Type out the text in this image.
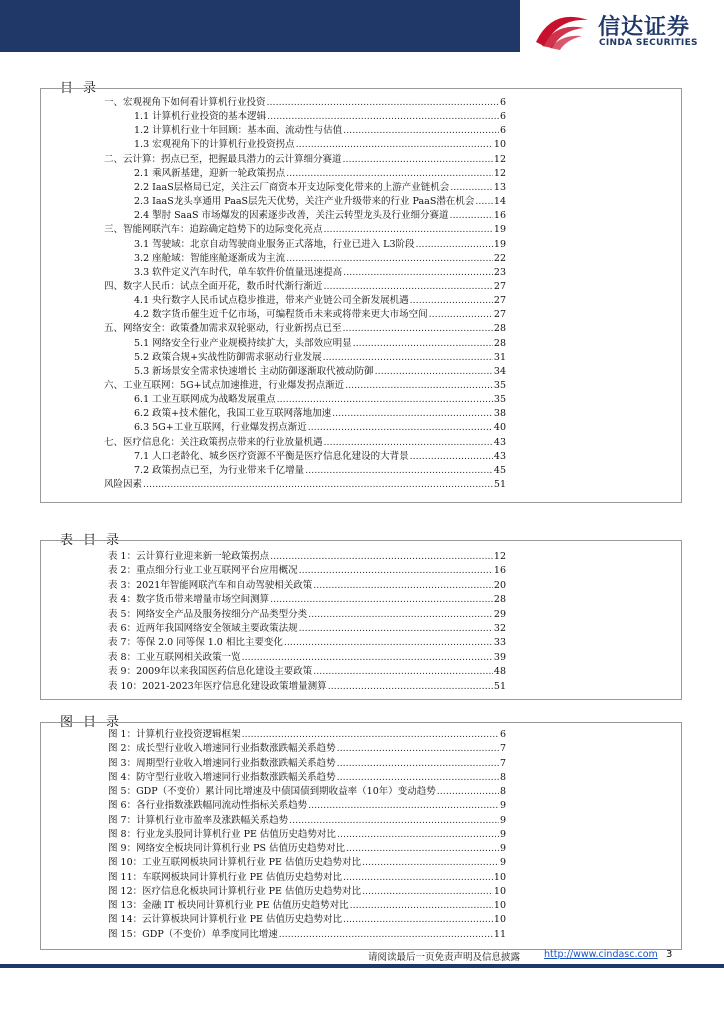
信达证券
CINDA SECURITIES
目录
一、宏观视角下如何看计算机行业投资 .....	6
1.1 计算机行业投资的基本逻辑 .....	6
1.2 计算机行业十年回顾：基本面、流动性与估值 .....	6
1.3 宏观视角下的计算机行业投资拐点 .....	10
二、云计算：拐点已至，把握最具潜力的云计算细分赛道 .....	12
2.1 乘风新基建，迎新一轮政策拐点 .....	12
2.2 IaaS层格局已定，关注云厂商资本开支边际变化带来的上游产业链机会 .....	13
2.3 IaaS龙头享通用 PaaS层先天优势，关注产业升级带来的行业 PaaS潜在机会 ..... 14
2.4 掣肘 SaaS 市场爆发的因素逐步改善，关注云转型龙头及行业细分赛道 .....	16
三、智能网联汽车：追踪确定趋势下的边际变化亮点 .....	19
3.1 驾驶域：北京自动驾驶商业服务正式落地，行业已进入 L3阶段 .....	19
3.2 座舱域：智能座舱逐渐成为主流 .....	22
3.3 软件定义汽车时代，单车软件价值量迅速提高 .....	23
四、数字人民币：试点全面开花，数币时代渐行渐近 .....	27
4.1 央行数字人民币试点稳步推进，带来产业链公司全新发展机遇 .....	27
4.2 数字货币催生近千亿市场，可编程货币未来或将带来更大市场空间 .....	27
五、网络安全：政策叠加需求双轮驱动，行业新拐点已至 .....	28
5.1 网络安全行业产业规模持续扩大，头部效应明显 .....	28
5.2 政策合规+实战性防御需求驱动行业发展 .....	31
5.3 新场景安全需求快速增长 主动防御逐渐取代被动防御 .....	34
六、工业互联网：5G+试点加速推进，行业爆发拐点渐近 .....	35
6.1 工业互联网成为战略发展重点 .....	35
6.2 政策+技术催化，我国工业互联网落地加速 .....	38
6.3 5G+工业互联网，行业爆发拐点渐近 .....	40
七、医疗信息化：关注政策拐点带来的行业放量机遇 .....	43
7.1 人口老龄化、城乡医疗资源不平衡是医疗信息化建设的大背景 .....	43
7.2 政策拐点已至，为行业带来千亿增量 .....	45
风险因素 .....	51
表目录
表 1：云计算行业迎来新一轮政策拐点 .....	12
表 2：重点细分行业工业互联网平台应用概况 .....	16
表 3：2021年智能网联汽车和自动驾驶相关政策 .....	20
表 4：数字货币带来增量市场空间测算 .....	28
表 5：网络安全产品及服务按细分产品类型分类 .....	29
表 6：近两年我国网络安全领域主要政策法规 .....	32
表 7：等保 2.0 同等保 1.0 相比主要变化 .....	33
表 8：工业互联网相关政策一览 .....	39
表 9：2009年以来我国医药信息化建设主要政策 .....	48
表 10：2021-2023年医疗信息化建设政策增量测算 .....	51
图目录
图 1：计算机行业投资逻辑框架 .....	6
图 2：成长型行业收入增速同行业指数涨跌幅关系趋势 .....	7
图 3：周期型行业收入增速同行业指数涨跌幅关系趋势 .....	7
图 4：防守型行业收入增速同行业指数涨跌幅关系趋势 .....	8
图 5：GDP（不变价）累计同比增速及中债国债到期收益率（10年）变动趋势 .....	8
图 6：各行业指数涨跌幅同流动性指标关系趋势 .....	9
图 7：计算机行业市盈率及涨跌幅关系趋势 .....	9
图 8：行业龙头股同计算机行业 PE 估值历史趋势对比 .....	9
图 9：网络安全板块同计算机行业 PS 估值历史趋势对比 .....	9
图 10：工业互联网板块同计算机行业 PE 估值历史趋势对比 .....	9
图 11：车联网板块同计算机行业 PE 估值历史趋势对比 .....	10
图 12：医疗信息化板块同计算机行业 PE 估值历史趋势对比 .....	10
图 13：金融 IT 板块同计算机行业 PE 估值历史趋势对比 .....	10
图 14：云计算板块同计算机行业 PE 估值历史趋势对比 .....	10
图 15：GDP（不变价）单季度同比增速 .....	11
请阅读最后一页免责声明及信息披露	http://www.cindasc.com 3
